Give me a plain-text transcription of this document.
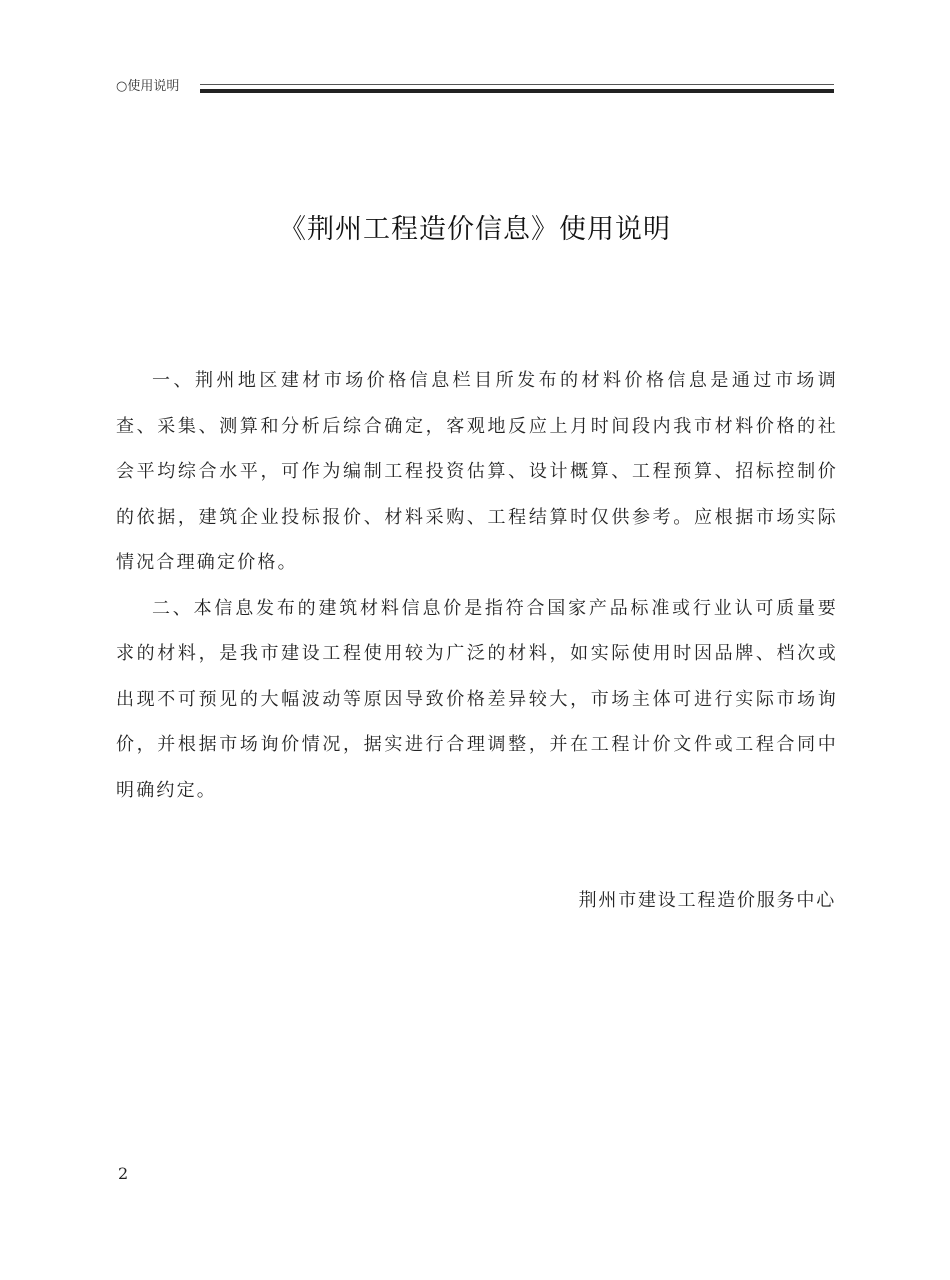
○使用说明
《荆州工程造价信息》使用说明

一、荆州地区建材市场价格信息栏目所发布的材料价格信息是通过市场调查、采集、测算和分析后综合确定，客观地反应上月时间段内我市材料价格的社会平均综合水平，可作为编制工程投资估算、设计概算、工程预算、招标控制价的依据，建筑企业投标报价、材料采购、工程结算时仅供参考。应根据市场实际情况合理确定价格。

二、本信息发布的建筑材料信息价是指符合国家产品标准或行业认可质量要求的材料，是我市建设工程使用较为广泛的材料，如实际使用时因品牌、档次或出现不可预见的大幅波动等原因导致价格差异较大，市场主体可进行实际市场询价，并根据市场询价情况，据实进行合理调整，并在工程计价文件或工程合同中明确约定。

荆州市建设工程造价服务中心
2
